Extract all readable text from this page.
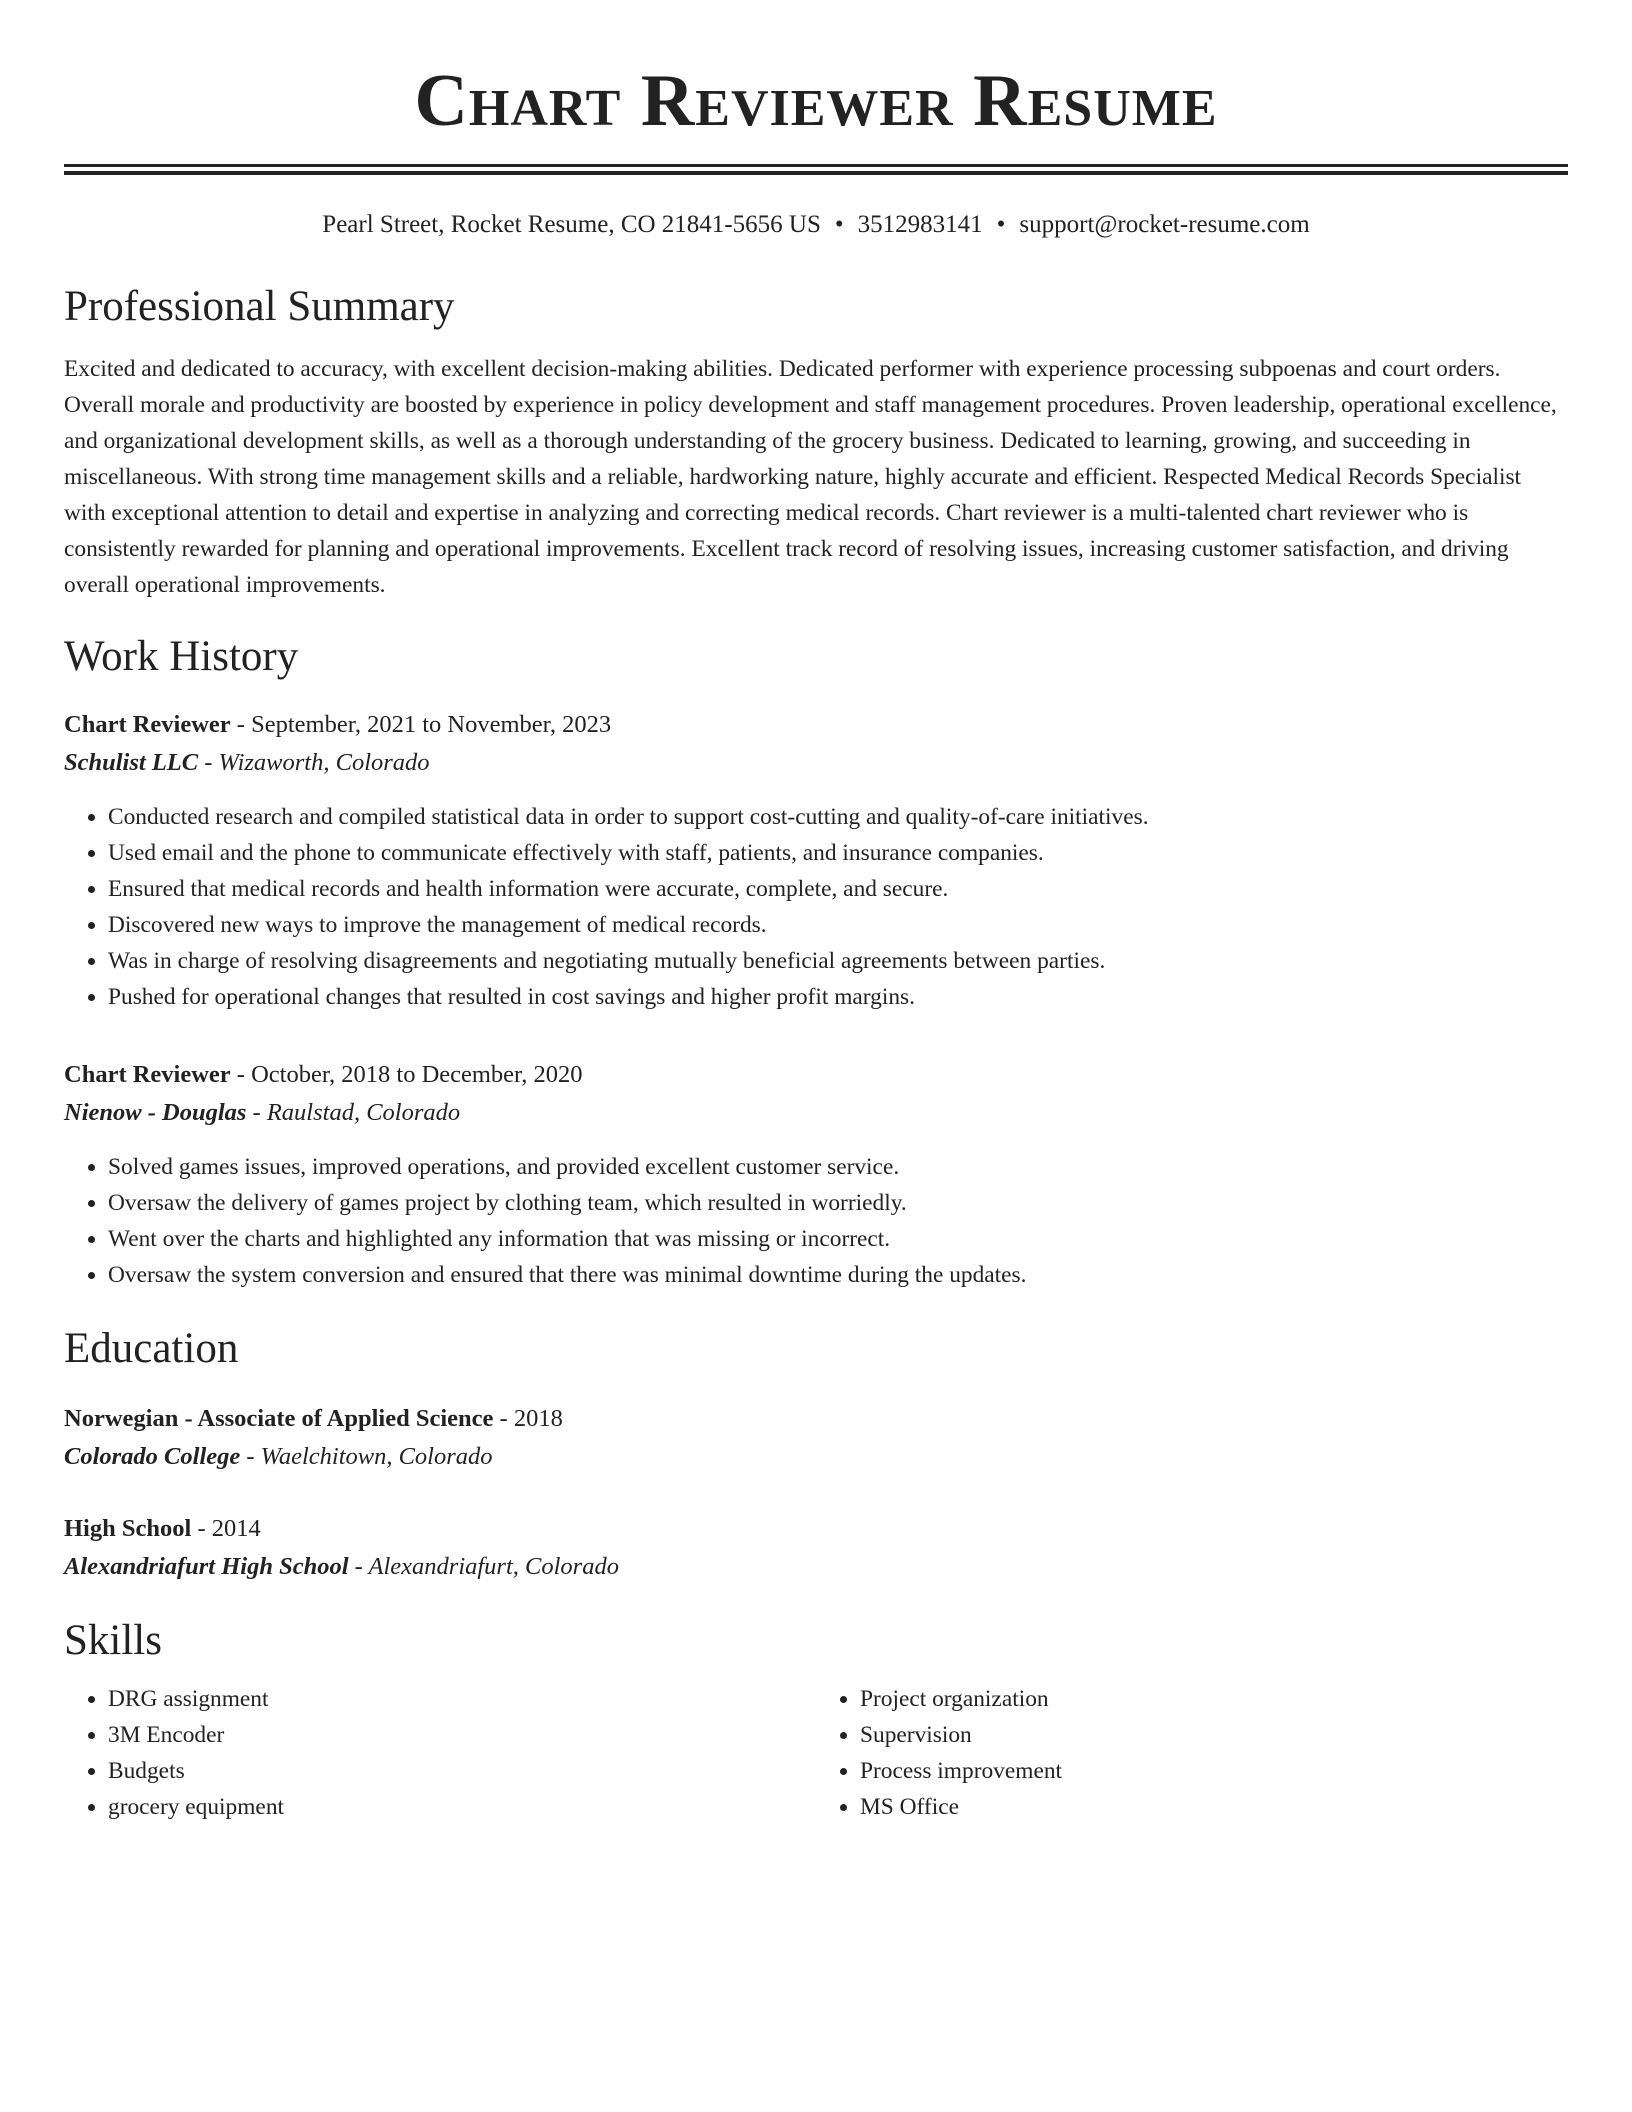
Chart Reviewer Resume
Pearl Street, Rocket Resume, CO 21841-5656 US • 3512983141 • support@rocket-resume.com
Professional Summary

Excited and dedicated to accuracy, with excellent decision-making abilities. Dedicated performer with experience processing subpoenas and court orders. Overall morale and productivity are boosted by experience in policy development and staff management procedures. Proven leadership, operational excellence, and organizational development skills, as well as a thorough understanding of the grocery business. Dedicated to learning, growing, and succeeding in miscellaneous. With strong time management skills and a reliable, hardworking nature, highly accurate and efficient. Respected Medical Records Specialist with exceptional attention to detail and expertise in analyzing and correcting medical records. Chart reviewer is a multi-talented chart reviewer who is consistently rewarded for planning and operational improvements. Excellent track record of resolving issues, increasing customer satisfaction, and driving overall operational improvements.

Work History
Chart Reviewer - September, 2021 to November, 2023
Schulist LLC - Wizaworth, Colorado
• Conducted research and compiled statistical data in order to support cost-cutting and quality-of-care initiatives.
• Used email and the phone to communicate effectively with staff, patients, and insurance companies.
• Ensured that medical records and health information were accurate, complete, and secure.
• Discovered new ways to improve the management of medical records.
• Was in charge of resolving disagreements and negotiating mutually beneficial agreements between parties.
• Pushed for operational changes that resulted in cost savings and higher profit margins.
Chart Reviewer - October, 2018 to December, 2020
Nienow - Douglas - Raulstad, Colorado
• Solved games issues, improved operations, and provided excellent customer service.
• Oversaw the delivery of games project by clothing team, which resulted in worriedly.
• Went over the charts and highlighted any information that was missing or incorrect.
• Oversaw the system conversion and ensured that there was minimal downtime during the updates.
Education
Norwegian - Associate of Applied Science - 2018
Colorado College - Waelchitown, Colorado
High School - 2014
Alexandriafurt High School - Alexandriafurt, Colorado
Skills
• DRG assignment
• 3M Encoder
• Budgets
• grocery equipment
• Project organization
• Supervision
• Process improvement
• MS Office
